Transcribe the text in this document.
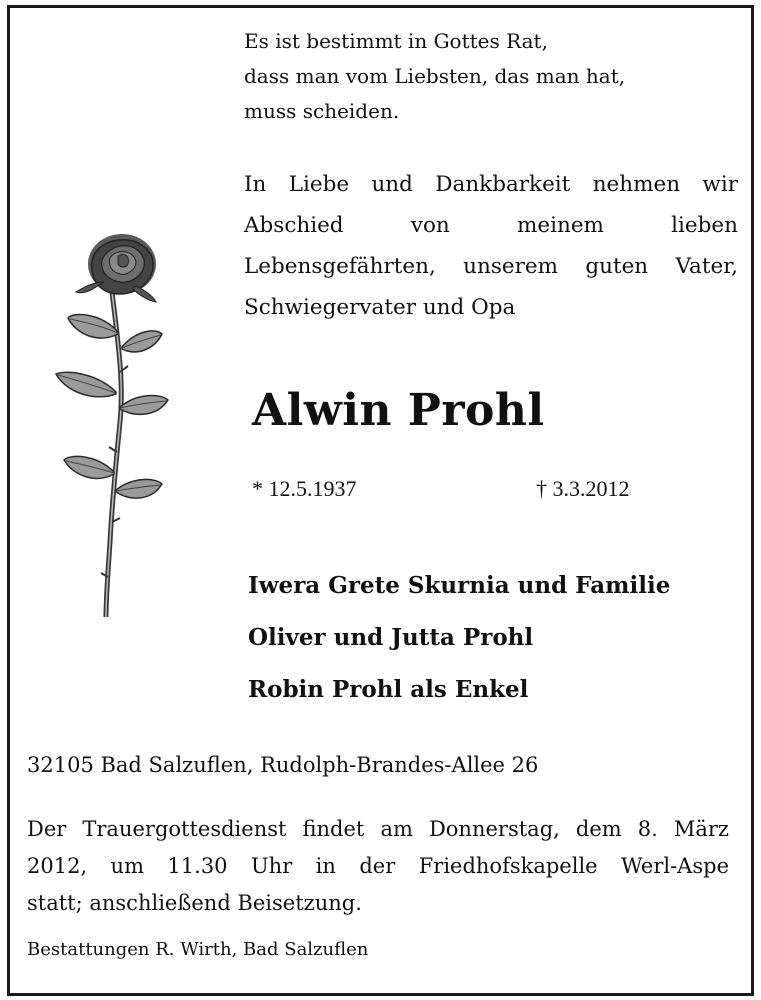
Es ist bestimmt in Gottes Rat,
dass man vom Liebsten, das man hat,
muss scheiden.
In Liebe und Dankbarkeit nehmen wir
Abschied von meinem lieben
Lebensgefährten, unserem guten Vater,
Schwiegervater und Opa
Alwin Prohl
* 12.5.1937	† 3.3.2012
Iwera Grete Skurnia und Familie
Oliver und Jutta Prohl
Robin Prohl als Enkel
32105 Bad Salzuflen, Rudolph-Brandes-Allee 26
Der Trauergottesdienst findet am Donnerstag, dem 8. März
2012, um 11.30 Uhr in der Friedhofskapelle Werl-Aspe
statt; anschließend Beisetzung.
Bestattungen R. Wirth, Bad Salzuflen
